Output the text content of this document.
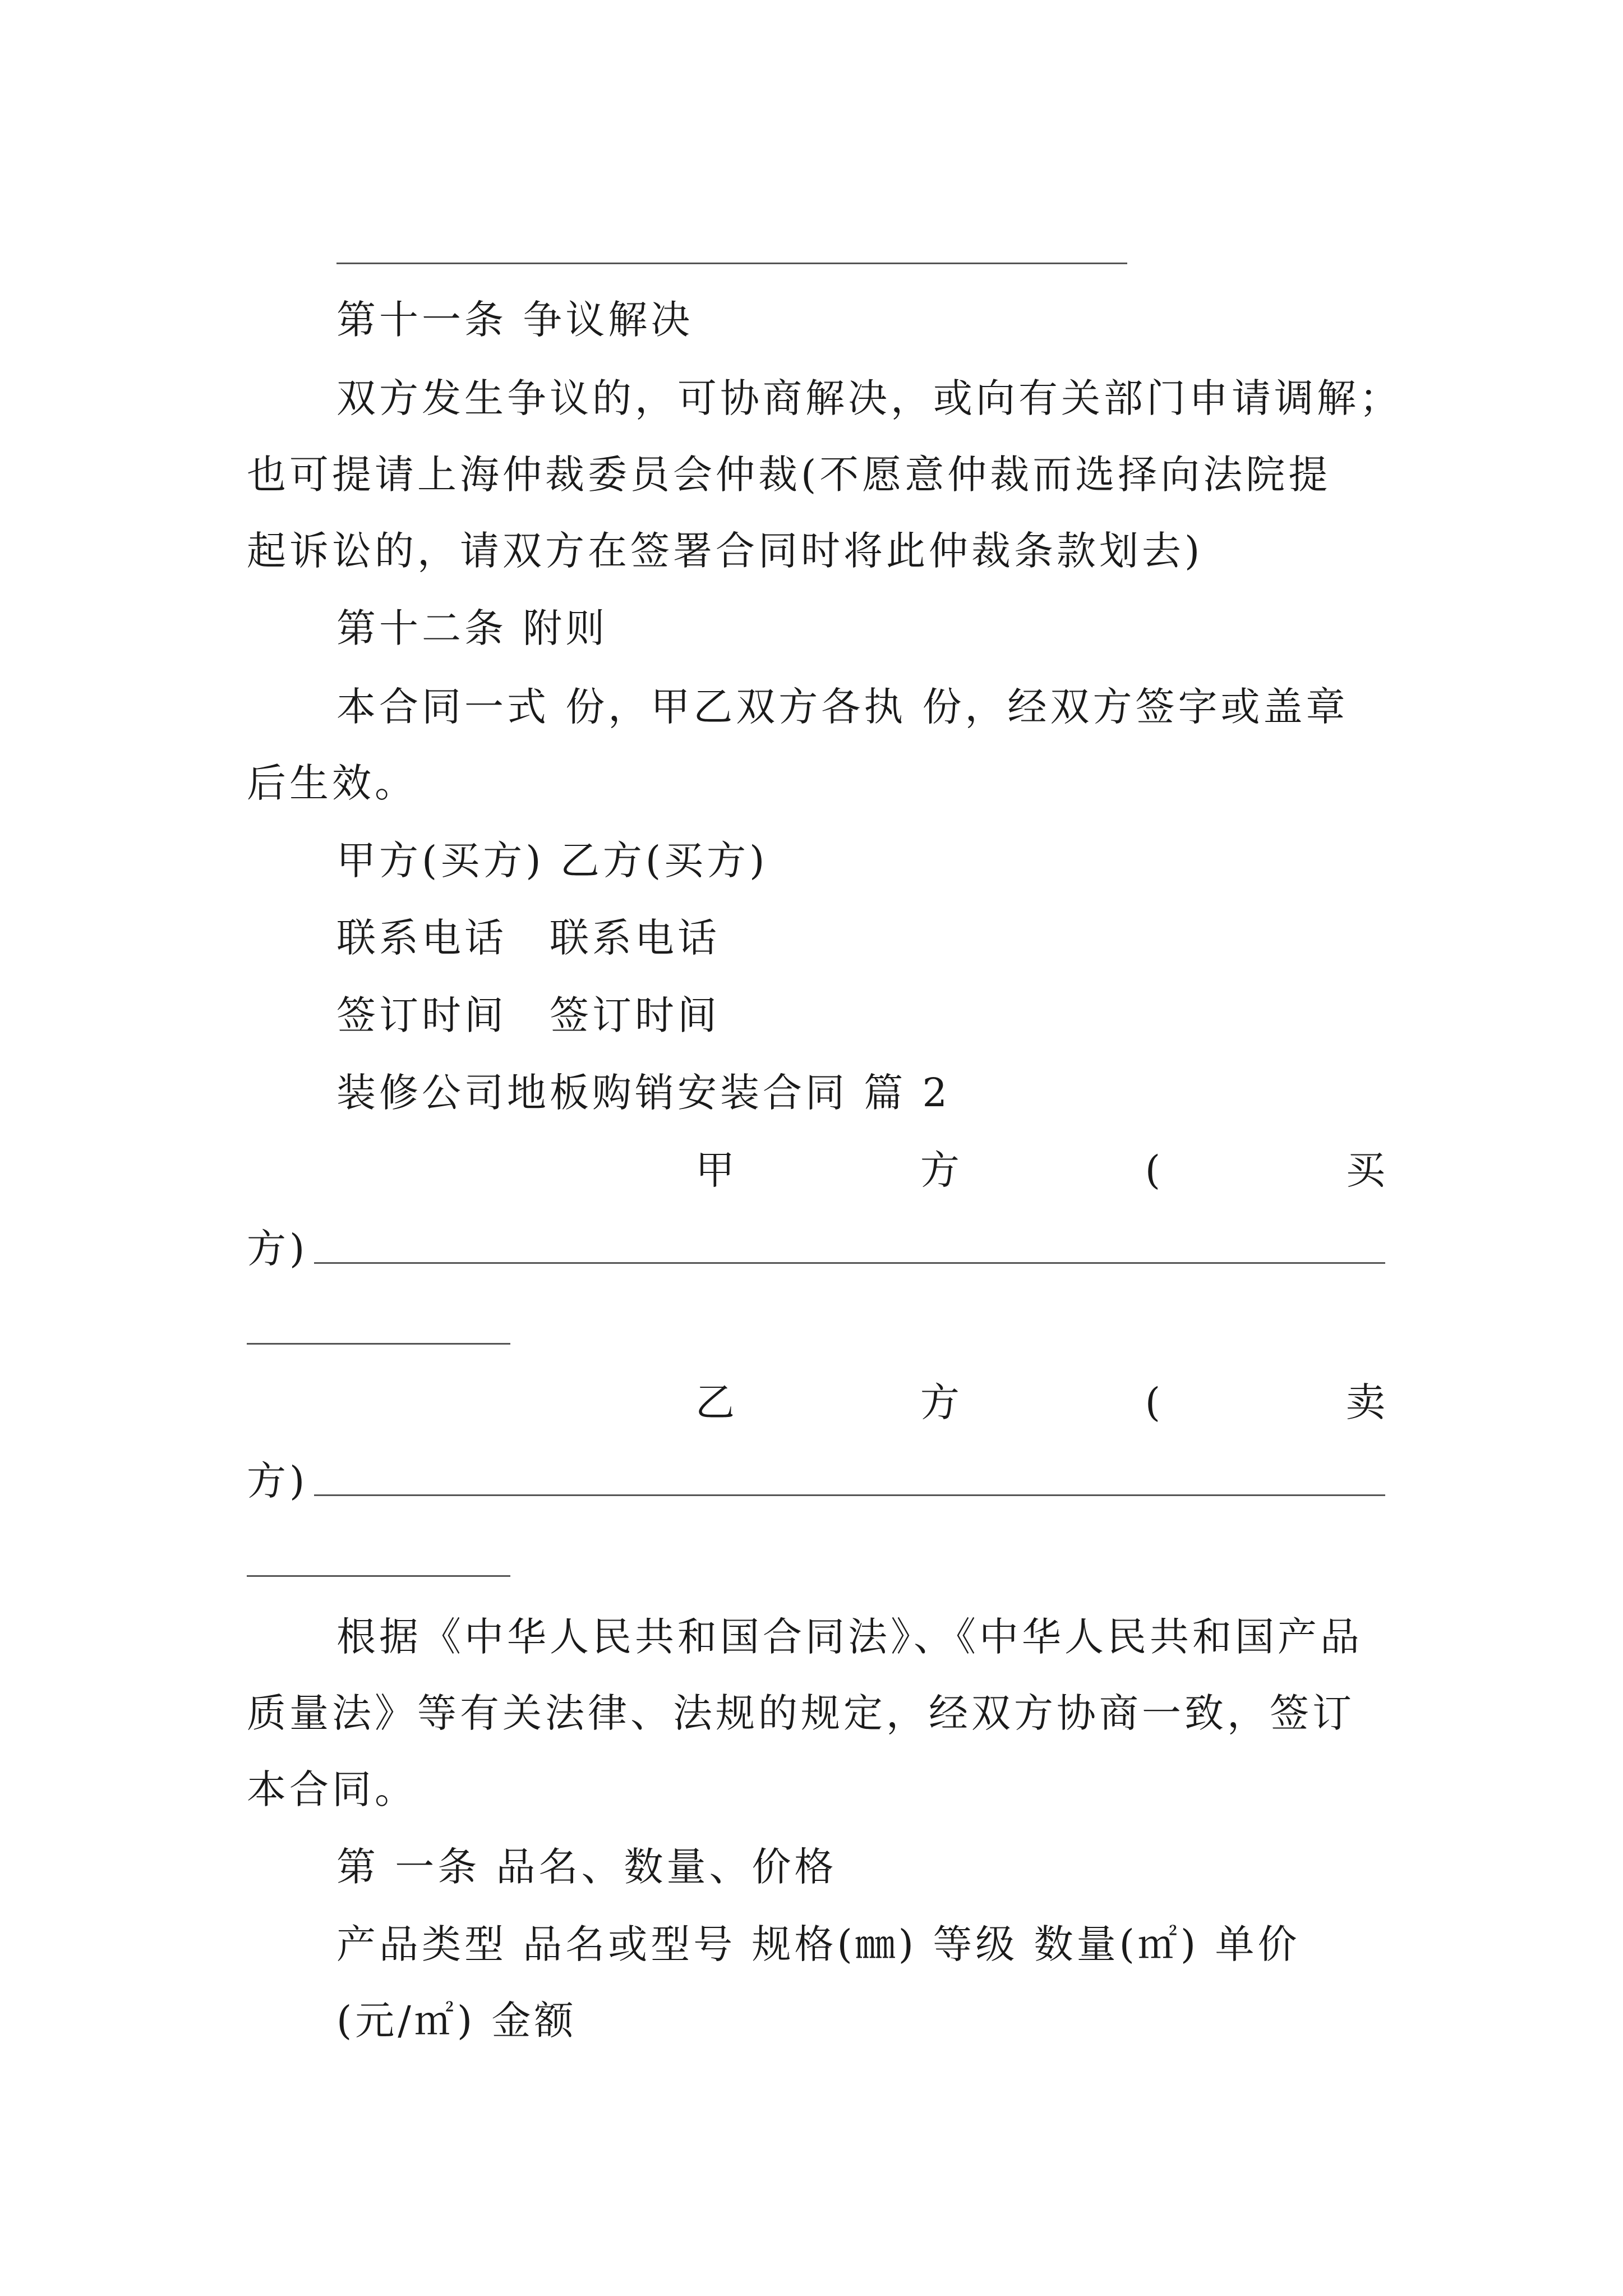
第十一条 争议解决
双方发生争议的，可协商解决，或向有关部门申请调解；
也可提请上海仲裁委员会仲裁(不愿意仲裁而选择向法院提
起诉讼的，请双方在签署合同时将此仲裁条款划去)
第十二条 附则
本合同一式 份，甲乙双方各执 份，经双方签字或盖章
后生效。
甲方(买方) 乙方(买方)
联系电话　联系电话
签订时间　签订时间
装修公司地板购销安装合同 篇 2
甲	方	(	买
方)
乙	方	(	卖
方)
根据《中华人民共和国合同法》、《中华人民共和国产品
质量法》等有关法律、法规的规定，经双方协商一致，签订
本合同。
第 一条 品名、数量、价格
产品类型 品名或型号 规格(㎜) 等级 数量(㎡) 单价
(元/㎡) 金额
